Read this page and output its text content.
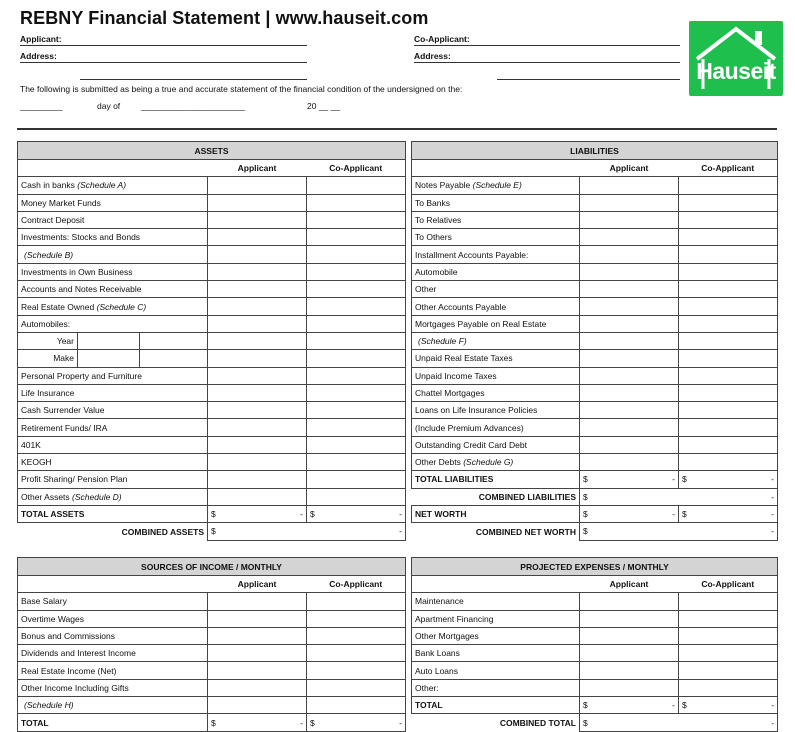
REBNY Financial Statement | www.hauseit.com
Applicant:
Address:
Co-Applicant:
Address:
The following is submitted as being a true and accurate statement of the financial condition of the undersigned on the:
_________	day of ______________________	20 __ __
Hauseit
ASSETS				
			Applicant	Co-Applicant
Cash in banks (Schedule A)				
Money Market Funds				
Contract Deposit				
Investments: Stocks and Bonds				
(Schedule B)				
Investments in Own Business				
Accounts and Notes Receivable				
Real Estate Owned (Schedule C)				
Automobiles:				
Year				
Make				
Personal Property and Furniture				
Life Insurance				
Cash Surrender Value				
Retirement Funds/ IRA				
401K				
KEOGH				
Profit Sharing/ Pension Plan				
Other Assets (Schedule D)				
TOTAL ASSETS			$ -	$ -

COMBINED ASSETS			$ -	
LIABILITIES		
	Applicant	Co-Applicant
Notes Payable (Schedule E)		
To Banks		
To Relatives		
To Others		
Installment Accounts Payable:		
Automobile		
Other		
Other Accounts Payable		
Mortgages Payable on Real Estate		
(Schedule F)		
Unpaid Real Estate Taxes		
Unpaid Income Taxes		
Chattel Mortgages		
Loans on Life Insurance Policies		
(Include Premium Advances)		
Outstanding Credit Card Debt		
Other Debts (Schedule G)		
TOTAL LIABILITIES	$ -	$ -

COMBINED LIABILITIES	$ -	

NET WORTH	$ -	$ -

COMBINED NET WORTH	$ -	
SOURCES OF INCOME / MONTHLY		
	Applicant	Co-Applicant
Base Salary		
Overtime Wages		
Bonus and Commissions		
Dividends and Interest Income		
Real Estate Income (Net)		
Other Income Including Gifts		
(Schedule H)		
TOTAL	$ -	$ -
PROJECTED EXPENSES / MONTHLY		
	Applicant	Co-Applicant
Maintenance		
Apartment Financing		
Other Mortgages		
Bank Loans		
Auto Loans		
Other:		
TOTAL	$ -	$ -

COMBINED TOTAL	$ -	
